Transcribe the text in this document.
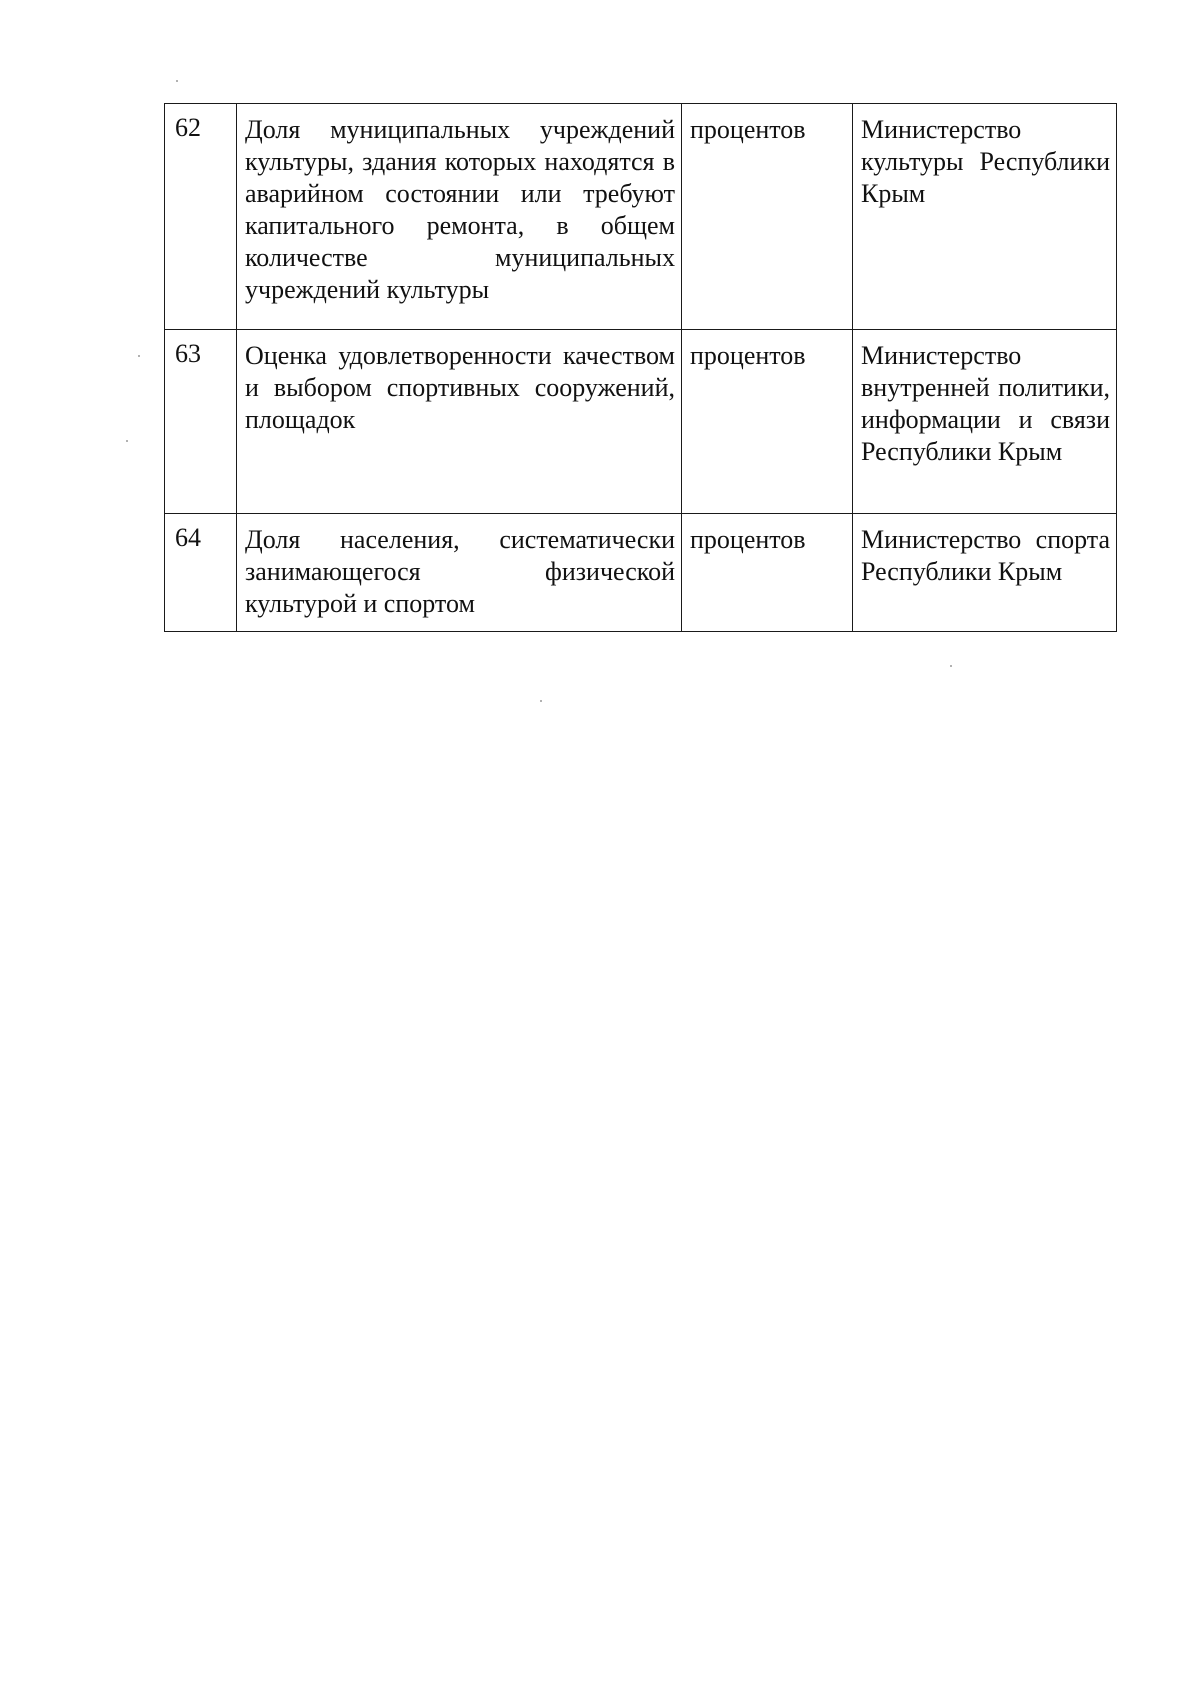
62	Доля муниципальных учреждений культуры, здания которых находятся в аварийном состоянии или требуют капитального ремонта, в общем количестве муниципальных учреждений культуры	процентов	Министерство культуры Республики Крым
63	Оценка удовлетворенности качеством и выбором спортивных сооружений, площадок	процентов	Министерство внутренней политики, информации и связи Республики Крым
64	Доля населения, систематически занимающегося физической культурой и спортом	процентов	Министерство спорта Республики Крым
